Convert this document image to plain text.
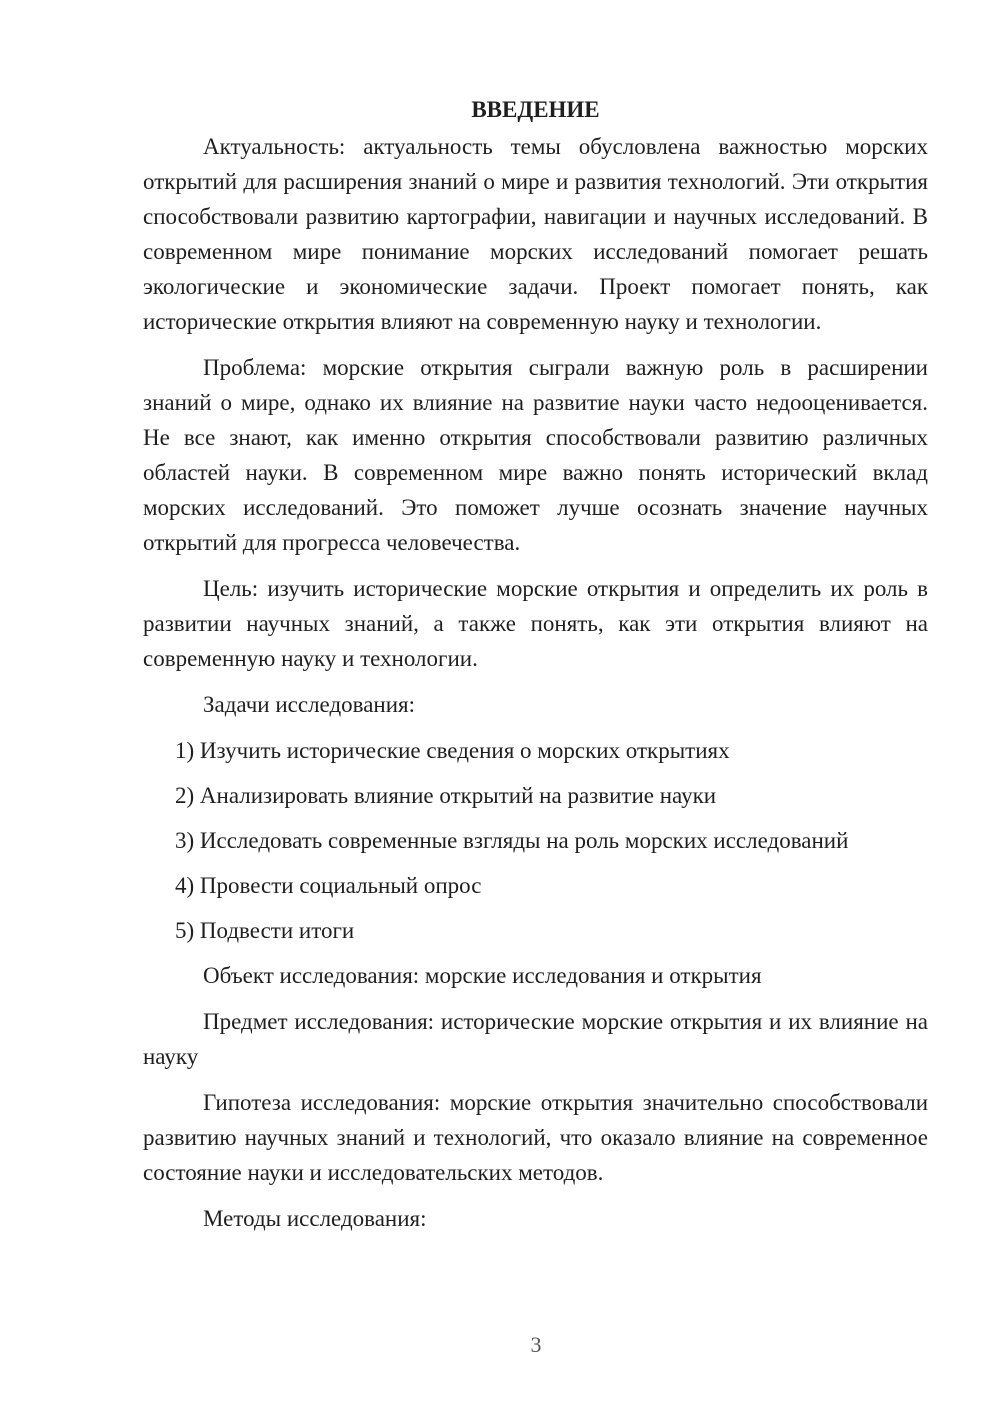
ВВЕДЕНИЕ

Актуальность: актуальность темы обусловлена важностью морских открытий для расширения знаний о мире и развития технологий. Эти открытия способствовали развитию картографии, навигации и научных исследований. В современном мире понимание морских исследований помогает решать экологические и экономические задачи. Проект помогает понять, как исторические открытия влияют на современную науку и технологии.

Проблема: морские открытия сыграли важную роль в расширении знаний о мире, однако их влияние на развитие науки часто недооценивается. Не все знают, как именно открытия способствовали развитию различных областей науки. В современном мире важно понять исторический вклад морских исследований. Это поможет лучше осознать значение научных открытий для прогресса человечества.

Цель: изучить исторические морские открытия и определить их роль в развитии научных знаний, а также понять, как эти открытия влияют на современную науку и технологии.

Задачи исследования:

1) Изучить исторические сведения о морских открытиях
2) Анализировать влияние открытий на развитие науки
3) Исследовать современные взгляды на роль морских исследований
4) Провести социальный опрос
5) Подвести итоги

Объект исследования: морские исследования и открытия

Предмет исследования: исторические морские открытия и их влияние на науку

Гипотеза исследования: морские открытия значительно способствовали развитию научных знаний и технологий, что оказало влияние на современное состояние науки и исследовательских методов.

Методы исследования:

3
